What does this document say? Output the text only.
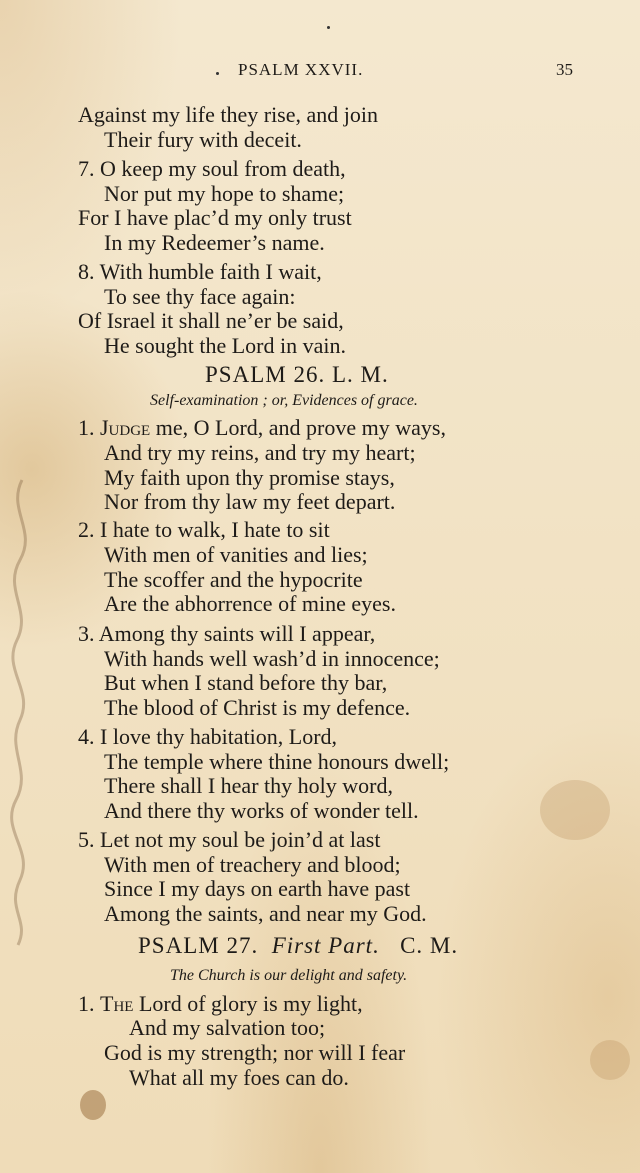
PSALM XXVII.	35
Against my life they rise, and join
Their fury with deceit.
7. O keep my soul from death,
Nor put my hope to shame;
For I have plac’d my only trust
In my Redeemer’s name.
8. With humble faith I wait,
To see thy face again:
Of Israel it shall ne’er be said,
He sought the Lord in vain.
PSALM 26. L. M.
Self-examination ; or, Evidences of grace.
1. Judge me, O Lord, and prove my ways,
And try my reins, and try my heart;
My faith upon thy promise stays,
Nor from thy law my feet depart.
2. I hate to walk, I hate to sit
With men of vanities and lies;
The scoffer and the hypocrite
Are the abhorrence of mine eyes.
3. Among thy saints will I appear,
With hands well wash’d in innocence;
But when I stand before thy bar,
The blood of Christ is my defence.
4. I love thy habitation, Lord,
The temple where thine honours dwell;
There shall I hear thy holy word,
And there thy works of wonder tell.
5. Let not my soul be join’d at last
With men of treachery and blood;
Since I my days on earth have past
Among the saints, and near my God.
PSALM 27. First Part. C. M.
The Church is our delight and safety.
1. The Lord of glory is my light,
And my salvation too;
God is my strength; nor will I fear
What all my foes can do.
